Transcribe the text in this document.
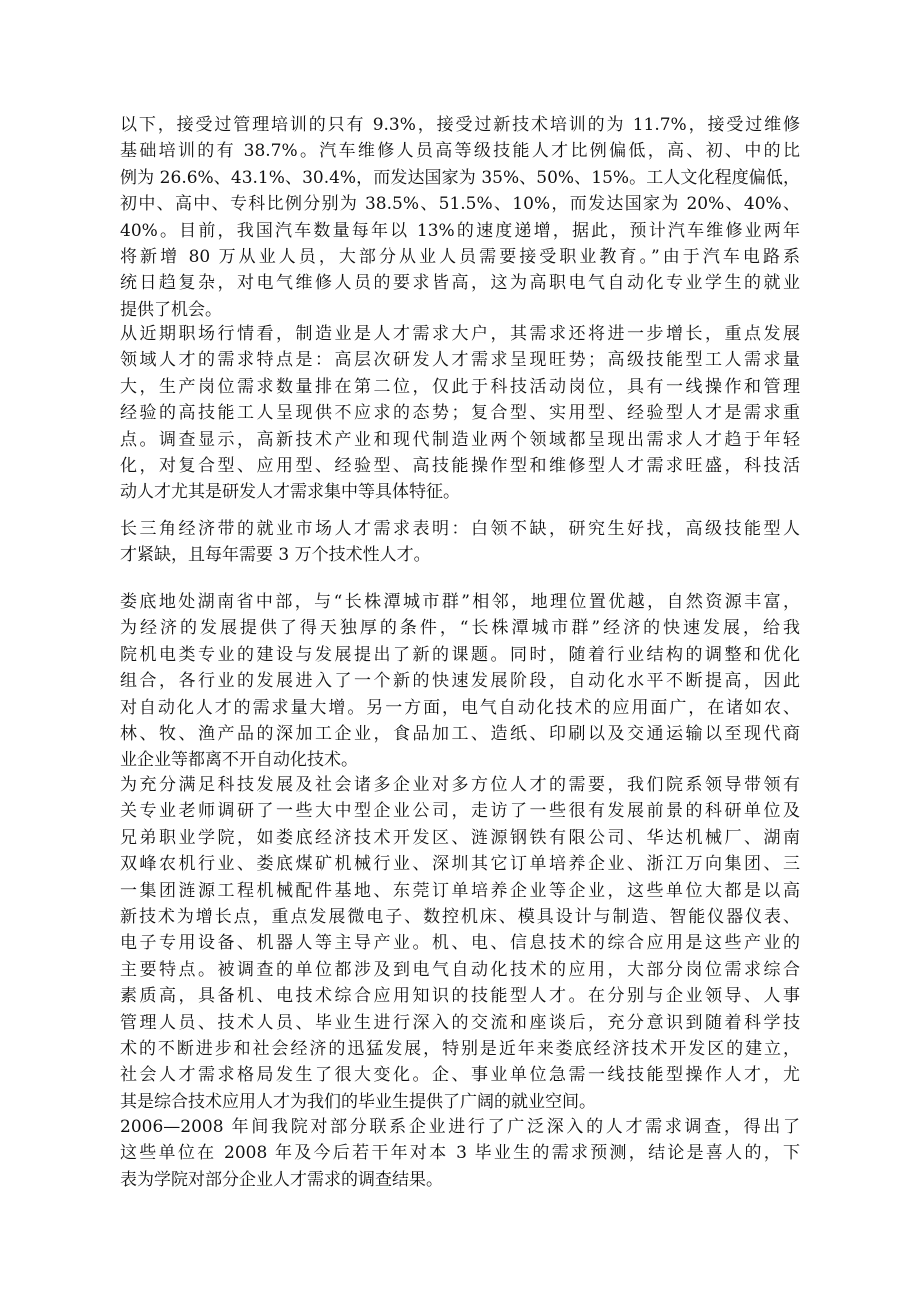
以下，接受过管理培训的只有 9.3%，接受过新技术培训的为 11.7%，接受过维修
基础培训的有 38.7%。汽车维修人员高等级技能人才比例偏低，高、初、中的比
例为 26.6%、43.1%、30.4%，而发达国家为 35%、50%、15%。工人文化程度偏低，
初中、高中、专科比例分别为 38.5%、51.5%、10%，而发达国家为 20%、40%、
40%。目前，我国汽车数量每年以 13%的速度递增，据此，预计汽车维修业两年
将新增 80 万从业人员，大部分从业人员需要接受职业教育。”由于汽车电路系
统日趋复杂，对电气维修人员的要求皆高，这为高职电气自动化专业学生的就业
提供了机会。
从近期职场行情看，制造业是人才需求大户，其需求还将进一步增长，重点发展
领域人才的需求特点是：高层次研发人才需求呈现旺势；高级技能型工人需求量
大，生产岗位需求数量排在第二位，仅此于科技活动岗位，具有一线操作和管理
经验的高技能工人呈现供不应求的态势；复合型、实用型、经验型人才是需求重
点。调查显示，高新技术产业和现代制造业两个领域都呈现出需求人才趋于年轻
化，对复合型、应用型、经验型、高技能操作型和维修型人才需求旺盛，科技活
动人才尤其是研发人才需求集中等具体特征。
长三角经济带的就业市场人才需求表明：白领不缺，研究生好找，高级技能型人
才紧缺，且每年需要 3 万个技术性人才。
娄底地处湖南省中部，与“长株潭城市群”相邻，地理位置优越，自然资源丰富，
为经济的发展提供了得天独厚的条件，“长株潭城市群”经济的快速发展，给我
院机电类专业的建设与发展提出了新的课题。同时，随着行业结构的调整和优化
组合，各行业的发展进入了一个新的快速发展阶段，自动化水平不断提高，因此
对自动化人才的需求量大增。另一方面，电气自动化技术的应用面广，在诸如农、
林、牧、渔产品的深加工企业，食品加工、造纸、印刷以及交通运输以至现代商
业企业等都离不开自动化技术。
为充分满足科技发展及社会诸多企业对多方位人才的需要，我们院系领导带领有
关专业老师调研了一些大中型企业公司，走访了一些很有发展前景的科研单位及
兄弟职业学院，如娄底经济技术开发区、涟源钢铁有限公司、华达机械厂、湖南
双峰农机行业、娄底煤矿机械行业、深圳其它订单培养企业、浙江万向集团、三
一集团涟源工程机械配件基地、东莞订单培养企业等企业，这些单位大都是以高
新技术为增长点，重点发展微电子、数控机床、模具设计与制造、智能仪器仪表、
电子专用设备、机器人等主导产业。机、电、信息技术的综合应用是这些产业的
主要特点。被调查的单位都涉及到电气自动化技术的应用，大部分岗位需求综合
素质高，具备机、电技术综合应用知识的技能型人才。在分别与企业领导、人事
管理人员、技术人员、毕业生进行深入的交流和座谈后，充分意识到随着科学技
术的不断进步和社会经济的迅猛发展，特别是近年来娄底经济技术开发区的建立，
社会人才需求格局发生了很大变化。企、事业单位急需一线技能型操作人才，尤
其是综合技术应用人才为我们的毕业生提供了广阔的就业空间。
2006—2008 年间我院对部分联系企业进行了广泛深入的人才需求调查，得出了
这些单位在 2008 年及今后若干年对本 3 毕业生的需求预测，结论是喜人的，下
表为学院对部分企业人才需求的调查结果。
